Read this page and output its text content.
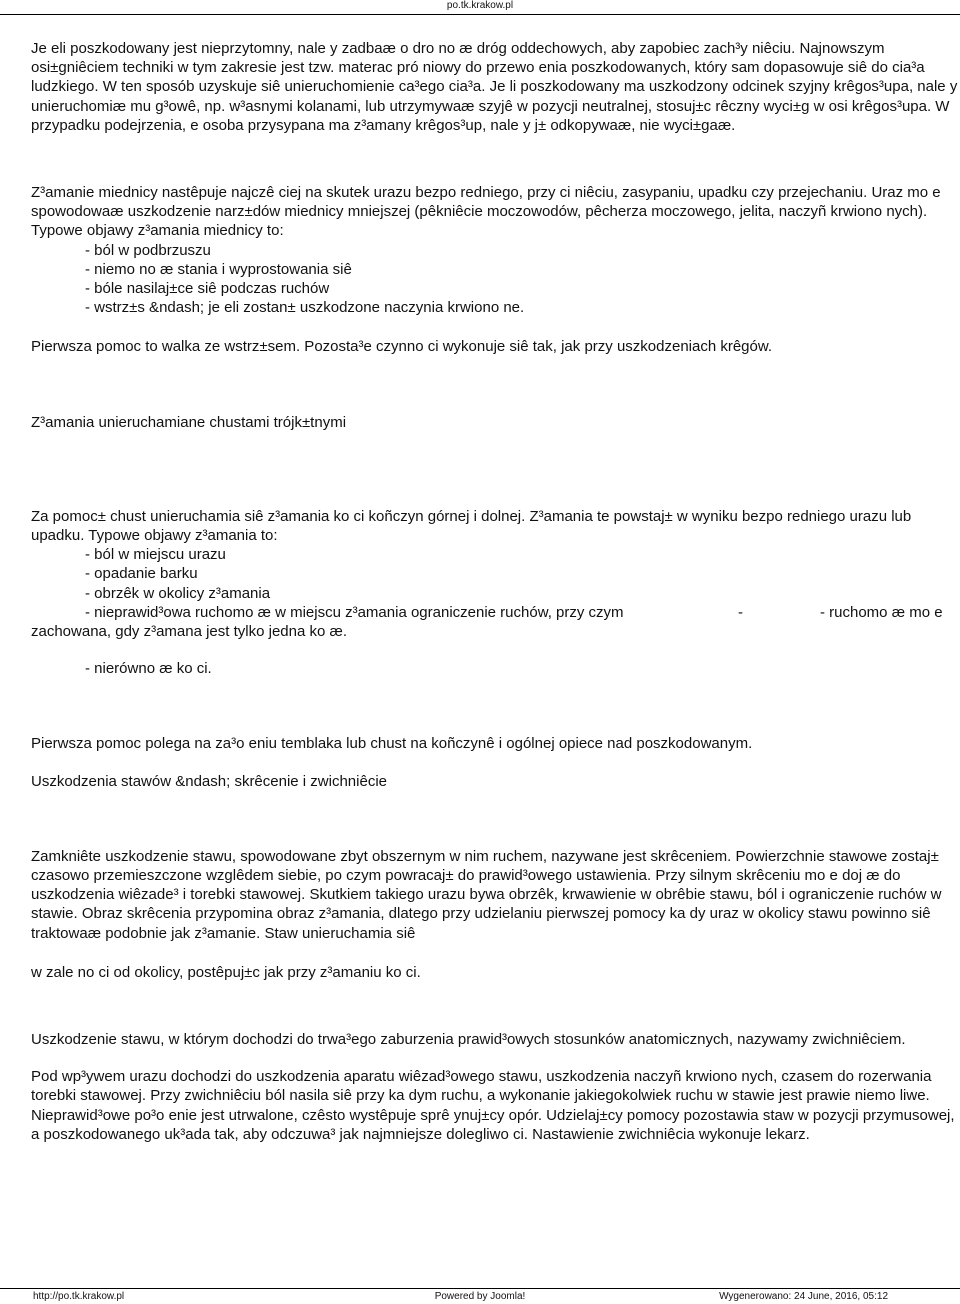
po.tk.krakow.pl

Je eli poszkodowany jest nieprzytomny, nale y zadbaæ o dro no æ dróg oddechowych, aby zapobiec zach³y niêciu. Najnowszym osi±gniêciem techniki w tym zakresie jest tzw. materac pró niowy do przewo enia poszkodowanych, który sam dopasowuje siê do cia³a ludzkiego. W ten sposób uzyskuje siê unieruchomienie ca³ego cia³a. Je li poszkodowany ma uszkodzony odcinek szyjny krêgos³upa, nale y unieruchomiæ mu g³owê, np. w³asnymi kolanami, lub utrzymywaæ szyjê w pozycji neutralnej, stosuj±c rêczny wyci±g w osi krêgos³upa. W przypadku podejrzenia, e osoba przysypana ma z³amany krêgos³up, nale y j± odkopywaæ, nie wyci±gaæ.

Z³amanie miednicy nastêpuje najczê ciej na skutek urazu bezpo redniego, przy ci niêciu, zasypaniu, upadku czy przejechaniu. Uraz mo e spowodowaæ uszkodzenie narz±dów miednicy mniejszej (pêkniêcie moczowodów, pêcherza moczowego, jelita, naczyñ krwiono nych).

Typowe objawy z³amania miednicy to:

- ból w podbrzuszu

- niemo no æ stania i wyprostowania siê

- bóle nasilaj±ce siê podczas ruchów

- wstrz±s &ndash; je eli zostan± uszkodzone naczynia krwiono ne.

Pierwsza pomoc to walka ze wstrz±sem. Pozosta³e czynno ci wykonuje siê tak, jak przy uszkodzeniach krêgów.

Z³amania unieruchamiane chustami trójk±tnymi

Za pomoc± chust unieruchamia siê z³amania ko ci koñczyn górnej i dolnej. Z³amania te powstaj± w wyniku bezpo redniego urazu lub upadku. Typowe objawy z³amania to:

- ból w miejscu urazu

- opadanie barku

- obrzêk w okolicy z³amania

- nieprawid³owa ruchomo æ w miejscu z³amania ograniczenie ruchów, przy czym	-	- ruchomo æ mo e

zachowana, gdy z³amana jest tylko jedna ko æ.

- nierówno æ ko ci.

Pierwsza pomoc polega na za³o eniu temblaka lub chust na koñczynê i ogólnej opiece nad poszkodowanym.

Uszkodzenia stawów &ndash; skrêcenie i zwichniêcie

Zamkniête uszkodzenie stawu, spowodowane zbyt obszernym w nim ruchem, nazywane jest skrêceniem. Powierzchnie stawowe zostaj± czasowo przemieszczone wzglêdem siebie, po czym powracaj± do prawid³owego ustawienia. Przy silnym skrêceniu mo e doj æ do uszkodzenia wiêzade³ i torebki stawowej. Skutkiem takiego urazu bywa obrzêk, krwawienie w obrêbie stawu, ból i ograniczenie ruchów w stawie. Obraz skrêcenia przypomina obraz z³amania, dlatego przy udzielaniu pierwszej pomocy ka dy uraz w okolicy stawu powinno siê traktowaæ podobnie jak z³amanie. Staw unieruchamia siê

w zale no ci od okolicy, postêpuj±c jak przy z³amaniu ko ci.

Uszkodzenie stawu, w którym dochodzi do trwa³ego zaburzenia prawid³owych stosunków anatomicznych, nazywamy zwichniêciem.

Pod wp³ywem urazu dochodzi do uszkodzenia aparatu wiêzad³owego stawu, uszkodzenia naczyñ krwiono nych, czasem do rozerwania torebki stawowej. Przy zwichniêciu ból nasila siê przy ka dym ruchu, a wykonanie jakiegokolwiek ruchu w stawie jest prawie niemo liwe. Nieprawid³owe po³o enie jest utrwalone, czêsto wystêpuje sprê ynuj±cy opór. Udzielaj±cy pomocy pozostawia staw w pozycji przymusowej, a poszkodowanego uk³ada tak, aby odczuwa³ jak najmniejsze dolegliwo ci. Nastawienie zwichniêcia wykonuje lekarz.

http://po.tk.krakow.pl	Powered by Joomla!	Wygenerowano: 24 June, 2016, 05:12
